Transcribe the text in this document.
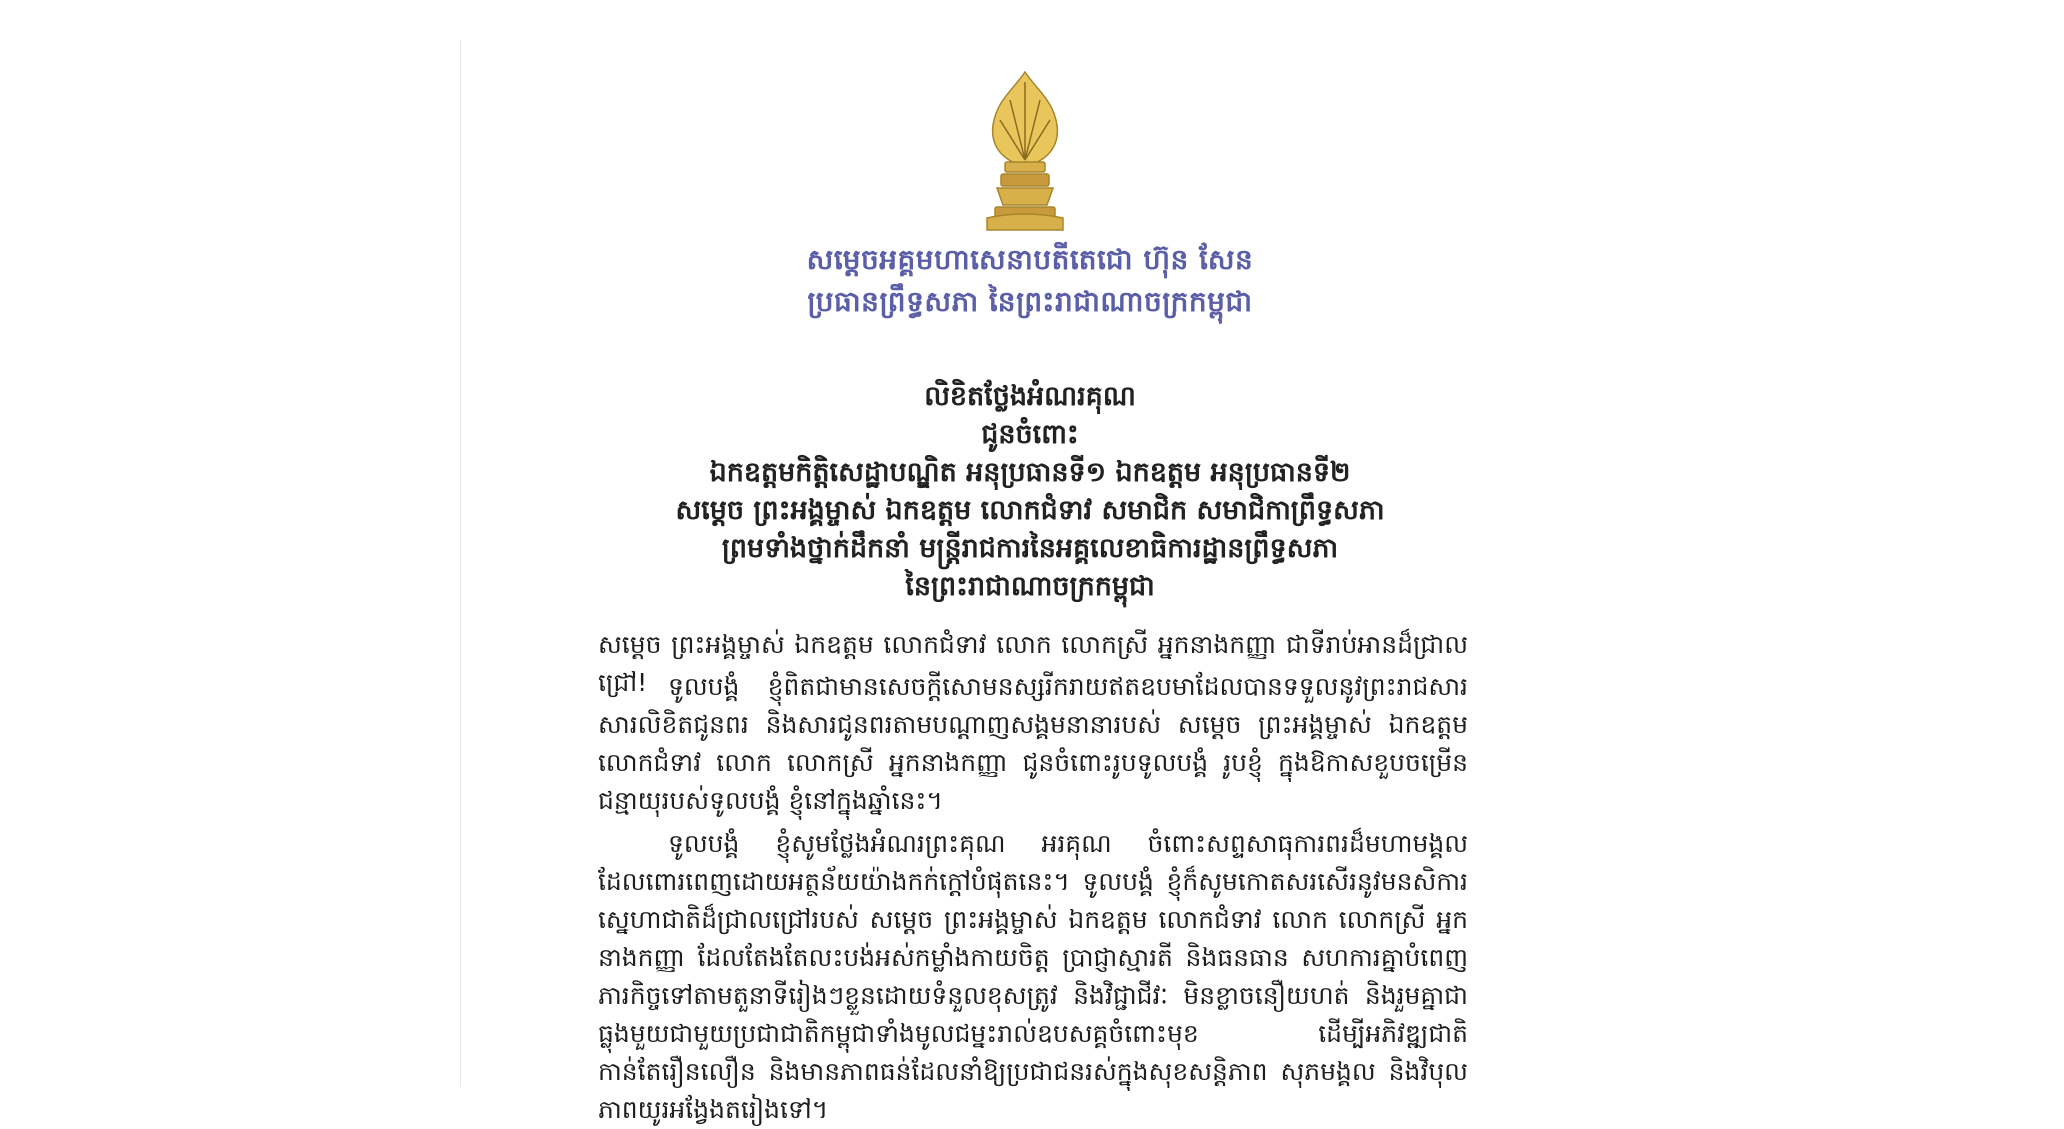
សម្តេចអគ្គមហាសេនាបតីតេជោ ហ៊ុន សែន
ប្រធានព្រឹទ្ធសភា នៃព្រះរាជាណាចក្រកម្ពុជា
លិខិតថ្លែងអំណរគុណ
ជូនចំពោះ
ឯកឧត្តមកិត្តិសេដ្ឋាបណ្ឌិត អនុប្រធានទី១ ឯកឧត្តម អនុប្រធានទី២
សម្តេច ព្រះអង្គម្ចាស់ ឯកឧត្តម លោកជំទាវ សមាជិក សមាជិកាព្រឹទ្ធសភា
ព្រមទាំងថ្នាក់ដឹកនាំ មន្ត្រីរាជការនៃអគ្គលេខាធិការដ្ឋានព្រឹទ្ធសភា
នៃព្រះរាជាណាចក្រកម្ពុជា
សម្តេច ព្រះអង្គម្ចាស់ ឯកឧត្តម លោកជំទាវ លោក លោកស្រី អ្នកនាងកញ្ញា ជាទីរាប់អានដ៏ជ្រាលជ្រៅ! ទូលបង្គំ ខ្ញុំពិតជាមានសេចក្តីសោមនស្សរីករាយឥតឧបមាដែលបានទទួលនូវព្រះរាជសារ សារលិខិតជូនពរ និងសារជូនពរតាមបណ្តាញសង្គមនានារបស់ សម្តេច ព្រះអង្គម្ចាស់ ឯកឧត្តម លោកជំទាវ លោក លោកស្រី អ្នកនាងកញ្ញា ជូនចំពោះរូបទូលបង្គំ រូបខ្ញុំ ក្នុងឱកាសខួបចម្រើនជន្មាយុរបស់ទូលបង្គំ ខ្ញុំនៅក្នុងឆ្នាំនេះ។
ទូលបង្គំ ខ្ញុំសូមថ្លែងអំណរព្រះគុណ អរគុណ ចំពោះសព្ទសាធុការពរដ៏មហាមង្គលដែលពោរពេញដោយអត្ថន័យយ៉ាងកក់ក្តៅបំផុតនេះ។ ទូលបង្គំ ខ្ញុំក៏សូមកោតសរសើរនូវមនសិការស្នេហាជាតិដ៏ជ្រាលជ្រៅរបស់ សម្តេច ព្រះអង្គម្ចាស់ ឯកឧត្តម លោកជំទាវ លោក លោកស្រី អ្នកនាងកញ្ញា ដែលតែងតែលះបង់អស់កម្លាំងកាយចិត្ត ប្រាជ្ញាស្មារតី និងធនធាន សហការគ្នាបំពេញភារកិច្ចទៅតាមតួនាទីរៀងៗខ្លួនដោយទំនួលខុសត្រូវ និងវិជ្ជាជីវៈ មិនខ្លាចនឿយហត់ និងរួមគ្នាជាធ្លុងមួយជាមួយប្រជាជាតិកម្ពុជាទាំងមូលជម្នះរាល់ឧបសគ្គចំពោះមុខ ដើម្បីអភិវឌ្ឍជាតិកាន់តែរឿនលឿន និងមានភាពធន់ដែលនាំឱ្យប្រជាជនរស់ក្នុងសុខសន្តិភាព សុភមង្គល និងវិបុលភាពយូរអង្វែងតរៀងទៅ។
